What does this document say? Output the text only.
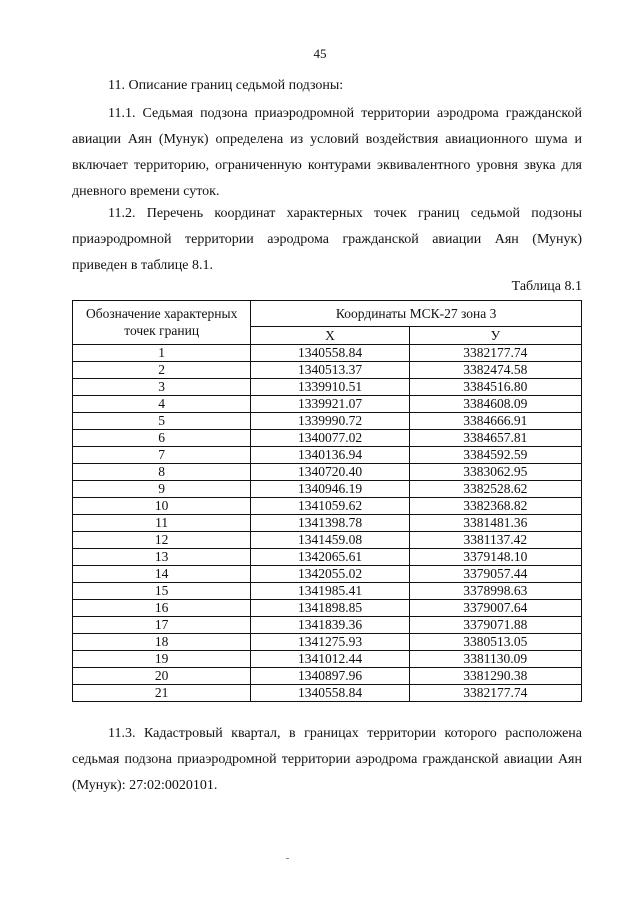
45
11. Описание границ седьмой подзоны:
11.1. Седьмая подзона приаэродромной территории аэродрома гражданской
авиации Аян (Мунук) определена из условий воздействия авиационного шума и
включает территорию, ограниченную контурами эквивалентного уровня звука для
дневного времени суток.
11.2. Перечень координат характерных точек границ седьмой подзоны
приаэродромной территории аэродрома гражданской авиации Аян (Мунук)
приведен в таблице 8.1.
Таблица 8.1
Обозначение характерных точек границ	Координаты МСК-27 зона 3	
	X	У
1	1340558.84	3382177.74
2	1340513.37	3382474.58
3	1339910.51	3384516.80
4	1339921.07	3384608.09
5	1339990.72	3384666.91
6	1340077.02	3384657.81
7	1340136.94	3384592.59
8	1340720.40	3383062.95
9	1340946.19	3382528.62
10	1341059.62	3382368.82
11	1341398.78	3381481.36
12	1341459.08	3381137.42
13	1342065.61	3379148.10
14	1342055.02	3379057.44
15	1341985.41	3378998.63
16	1341898.85	3379007.64
17	1341839.36	3379071.88
18	1341275.93	3380513.05
19	1341012.44	3381130.09
20	1340897.96	3381290.38
21	1340558.84	3382177.74
11.3. Кадастровый квартал, в границах территории которого расположена
седьмая подзона приаэродромной территории аэродрома гражданской авиации Аян
(Мунук): 27:02:0020101.
